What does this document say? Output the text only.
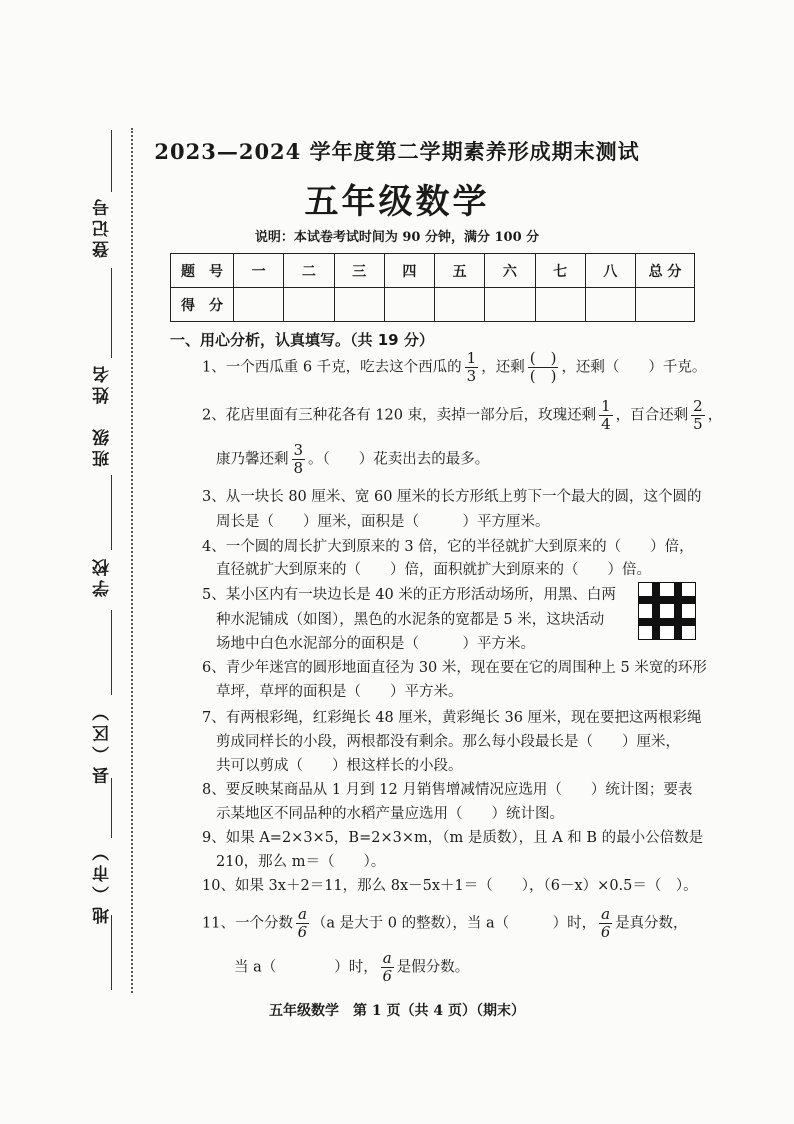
登记号
姓名
班级
学校
县（区）
地（市）
2023—2024 学年度第二学期素养形成期末测试
五年级数学
说明：本试卷考试时间为 90 分钟，满分 100 分
题　号	一	二	三	四	五	六	七	八	总 分
得　分									
一、用心分析，认真填写。（共 19 分）
1、一个西瓜重 6 千克，吃去这个西瓜的 $\frac{1}{3}$ ，还剩 $\frac{( )}{( )}$ ，还剩（　　）千克。
2、花店里面有三种花各有 120 束，卖掉一部分后，玫瑰还剩 $\frac{1}{4}$ ，百合还剩 $\frac{2}{5}$ ，
康乃馨还剩 $\frac{3}{8}$ 。（　　）花卖出去的最多。
3、从一块长 80 厘米、宽 60 厘米的长方形纸上剪下一个最大的圆，这个圆的
周长是（　　）厘米，面积是（　　　）平方厘米。
4、一个圆的周长扩大到原来的 3 倍，它的半径就扩大到原来的（　　）倍，
直径就扩大到原来的（　　）倍，面积就扩大到原来的（　　）倍。
5、某小区内有一块边长是 40 米的正方形活动场所，用黑、白两
种水泥铺成（如图），黑色的水泥条的宽都是 5 米，这块活动
场地中白色水泥部分的面积是（　　　）平方米。
6、青少年迷宫的圆形地面直径为 30 米，现在要在它的周围种上 5 米宽的环形
草坪，草坪的面积是（　　）平方米。
7、有两根彩绳，红彩绳长 48 厘米，黄彩绳长 36 厘米，现在要把这两根彩绳
剪成同样长的小段，两根都没有剩余。那么每小段最长是（　　）厘米，
共可以剪成（　　）根这样长的小段。
8、要反映某商品从 1 月到 12 月销售增减情况应选用（　　）统计图；要表
示某地区不同品种的水稻产量应选用（　　）统计图。
9、如果 A=2×3×5，B=2×3×m，（m 是质数），且 A 和 B 的最小公倍数是
210，那么 m＝（　　）。
10、如果 3x＋2＝11，那么 8x－5x＋1＝（　　），（6－x）×0.5＝（　）。
11、一个分数 $\frac{a}{6} (a$ 是大于 0 的整数），当 a（　　　）时， $\frac{a}{6}$ 是真分数，
当 a（　　　　）时， $\frac{a}{6}$ 是假分数。
五年级数学　第 1 页（共 4 页）（期末）
